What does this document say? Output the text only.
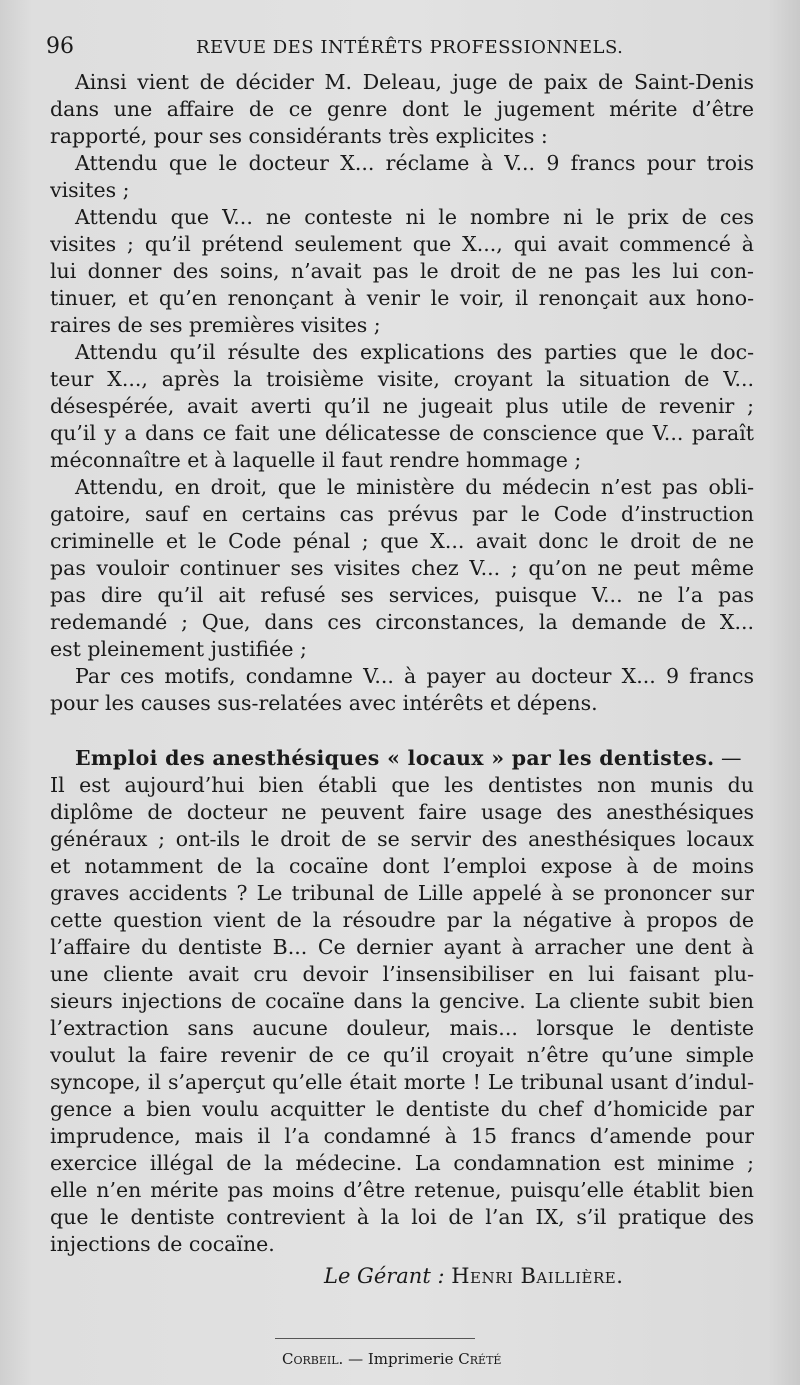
96	REVUE DES INTÉRÊTS PROFESSIONNELS.
Ainsi vient de décider M. Deleau, juge de paix de Saint-Denis
dans une affaire de ce genre dont le jugement mérite d’être
rapporté, pour ses considérants très explicites :
Attendu que le docteur X... réclame à V... 9 francs pour trois
visites ;
Attendu que V... ne conteste ni le nombre ni le prix de ces
visites ; qu’il prétend seulement que X..., qui avait commencé à
lui donner des soins, n’avait pas le droit de ne pas les lui con-
tinuer, et qu’en renonçant à venir le voir, il renonçait aux hono-
raires de ses premières visites ;
Attendu qu’il résulte des explications des parties que le doc-
teur X..., après la troisième visite, croyant la situation de V...
désespérée, avait averti qu’il ne jugeait plus utile de revenir ;
qu’il y a dans ce fait une délicatesse de conscience que V... paraît
méconnaître et à laquelle il faut rendre hommage ;
Attendu, en droit, que le ministère du médecin n’est pas obli-
gatoire, sauf en certains cas prévus par le Code d’instruction
criminelle et le Code pénal ; que X... avait donc le droit de ne
pas vouloir continuer ses visites chez V... ; qu’on ne peut même
pas dire qu’il ait refusé ses services, puisque V... ne l’a pas
redemandé ; Que, dans ces circonstances, la demande de X...
est pleinement justifiée ;
Par ces motifs, condamne V... à payer au docteur X... 9 francs
pour les causes sus-relatées avec intérêts et dépens.
Emploi des anesthésiques « locaux » par les dentistes. —
Il est aujourd’hui bien établi que les dentistes non munis du
diplôme de docteur ne peuvent faire usage des anesthésiques
généraux ; ont-ils le droit de se servir des anesthésiques locaux
et notamment de la cocaïne dont l’emploi expose à de moins
graves accidents ? Le tribunal de Lille appelé à se prononcer sur
cette question vient de la résoudre par la négative à propos de
l’affaire du dentiste B... Ce dernier ayant à arracher une dent à
une cliente avait cru devoir l’insensibiliser en lui faisant plu-
sieurs injections de cocaïne dans la gencive. La cliente subit bien
l’extraction sans aucune douleur, mais... lorsque le dentiste
voulut la faire revenir de ce qu’il croyait n’être qu’une simple
syncope, il s’aperçut qu’elle était morte ! Le tribunal usant d’indul-
gence a bien voulu acquitter le dentiste du chef d’homicide par
imprudence, mais il l’a condamné à 15 francs d’amende pour
exercice illégal de la médecine. La condamnation est minime ;
elle n’en mérite pas moins d’être retenue, puisqu’elle établit bien
que le dentiste contrevient à la loi de l’an IX, s’il pratique des
injections de cocaïne.
Le Gérant : Henri Baillière.
Corbeil. — Imprimerie Crété
